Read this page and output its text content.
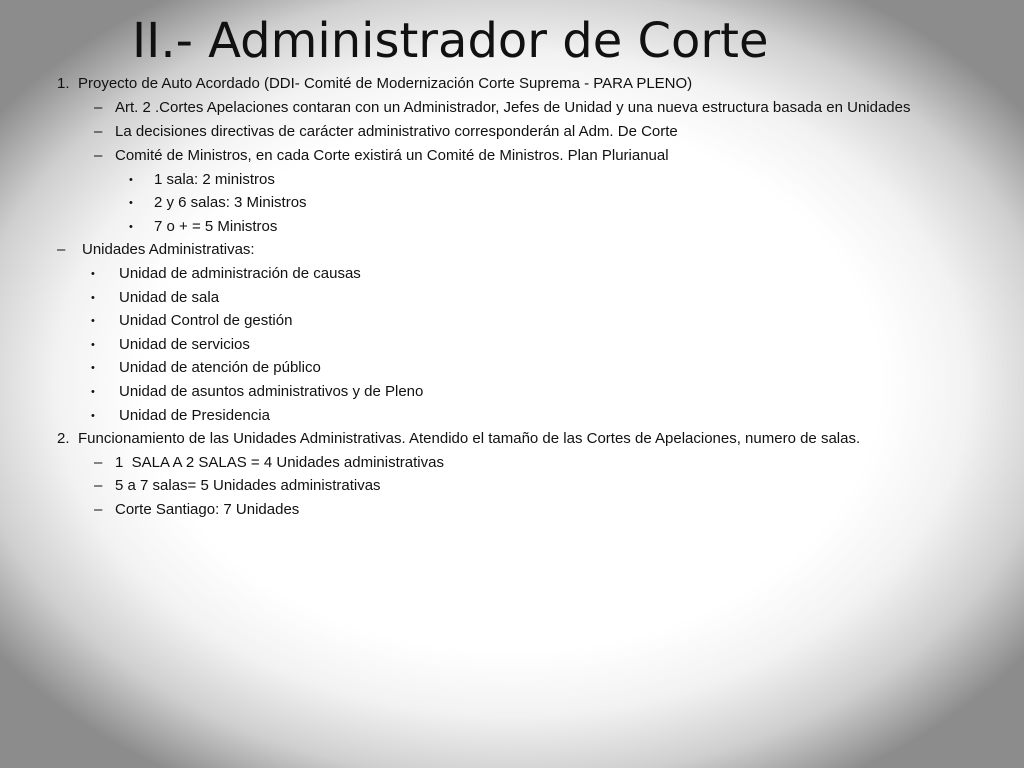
II.- Administrador de Corte
1. Proyecto de Auto Acordado (DDI- Comité de Modernización Corte Suprema - PARA PLENO)
– Art. 2 .Cortes Apelaciones contaran con un Administrador, Jefes de Unidad y una nueva estructura basada en Unidades
– La decisiones directivas de carácter administrativo corresponderán al Adm. De Corte
– Comité de Ministros, en cada Corte existirá un Comité de Ministros. Plan Plurianual
• 1 sala: 2 ministros
• 2 y 6 salas: 3 Ministros
• 7 o + = 5 Ministros
– Unidades Administrativas:
• Unidad de administración de causas
• Unidad de sala
• Unidad Control de gestión
• Unidad de servicios
• Unidad de atención de público
• Unidad de asuntos administrativos y de Pleno
• Unidad de Presidencia
2. Funcionamiento de las Unidades Administrativas. Atendido el tamaño de las Cortes de Apelaciones, numero de salas.
– 1  SALA A 2 SALAS = 4 Unidades administrativas
– 5 a 7 salas= 5 Unidades administrativas
– Corte Santiago: 7 Unidades
